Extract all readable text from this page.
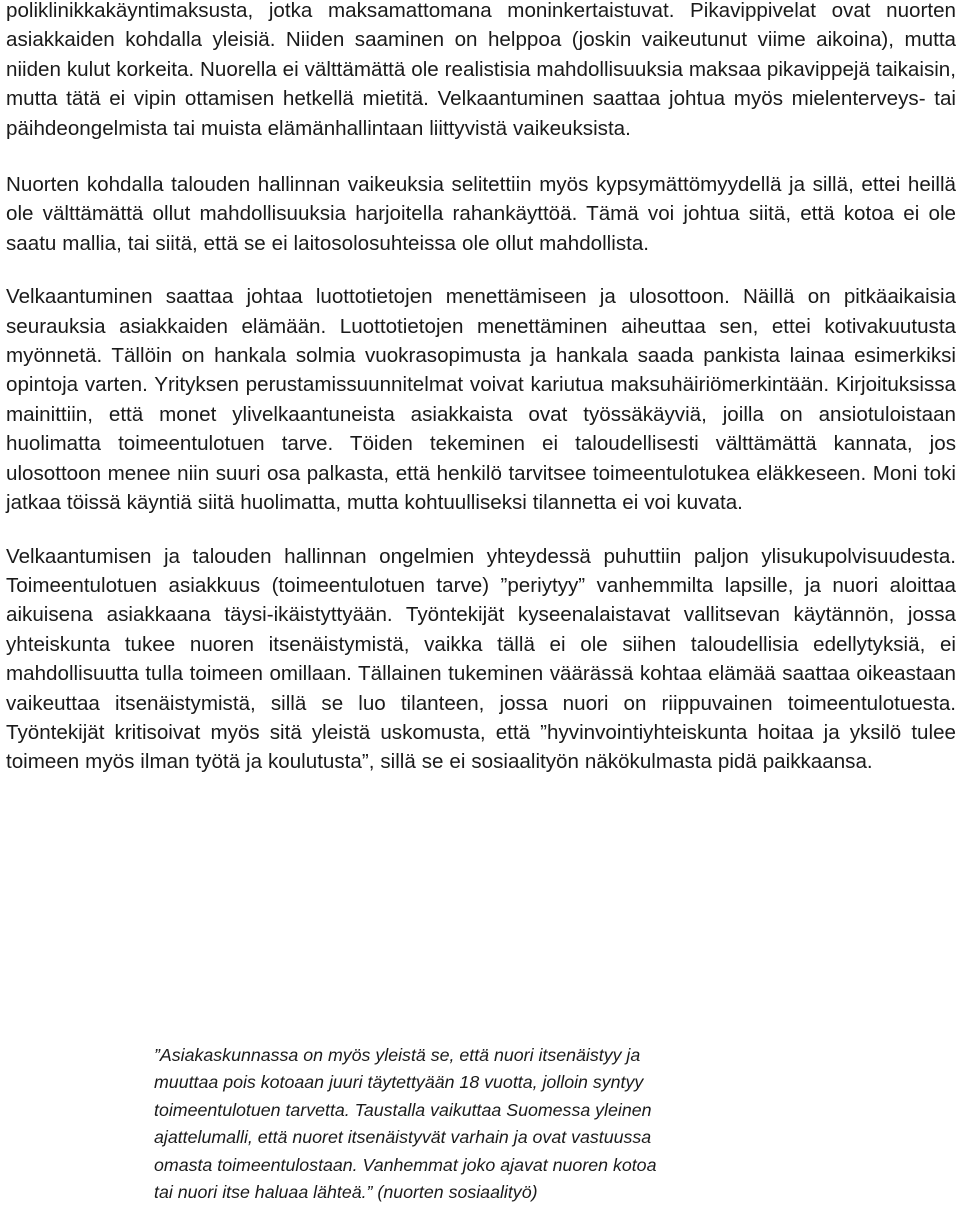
poliklinikkakäyntimaksusta, jotka maksamattomana moninkertaistuvat. Pikavippivelat ovat nuorten asiakkaiden kohdalla yleisiä. Niiden saaminen on helppoa (joskin vaikeutunut viime aikoina), mutta niiden kulut korkeita. Nuorella ei välttämättä ole realistisia mahdollisuuksia maksaa pikavippejä taikaisin, mutta tätä ei vipin ottamisen hetkellä mietitä. Velkaantuminen saattaa johtua myös mielenterveys- tai päihdeongelmista tai muista elämänhallintaan liittyvistä vaikeuksista.

Nuorten kohdalla talouden hallinnan vaikeuksia selitettiin myös kypsymättömyydellä ja sillä, ettei heillä ole välttämättä ollut mahdollisuuksia harjoitella rahankäyttöä. Tämä voi johtua siitä, että kotoa ei ole saatu mallia, tai siitä, että se ei laitosolosuhteissa ole ollut mahdollista.

Velkaantuminen saattaa johtaa luottotietojen menettämiseen ja ulosottoon. Näillä on pitkäaikaisia seurauksia asiakkaiden elämään. Luottotietojen menettäminen aiheuttaa sen, ettei kotivakuutusta myönnetä. Tällöin on hankala solmia vuokrasopimusta ja hankala saada pankista lainaa esimerkiksi opintoja varten. Yrityksen perustamissuunnitelmat voivat kariutua maksuhäiriömerkintään. Kirjoituksissa mainittiin, että monet ylivelkaantuneista asiakkaista ovat työssäkäyviä, joilla on ansiotuloistaan huolimatta toimeentulotuen tarve. Töiden tekeminen ei taloudellisesti välttämättä kannata, jos ulosottoon menee niin suuri osa palkasta, että henkilö tarvitsee toimeentulotukea eläkkeseen. Moni toki jatkaa töissä käyntiä siitä huolimatta, mutta kohtuulliseksi tilannetta ei voi kuvata.

Velkaantumisen ja talouden hallinnan ongelmien yhteydessä puhuttiin paljon ylisukupolvisuudesta. Toimeentulotuen asiakkuus (toimeentulotuen tarve) ”periytyy” vanhemmilta lapsille, ja nuori aloittaa aikuisena asiakkaana täysi-ikäistyttyään. Työntekijät kyseenalaistavat vallitsevan käytännön, jossa yhteiskunta tukee nuoren itsenäistymistä, vaikka tällä ei ole siihen taloudellisia edellytyksiä, ei mahdollisuutta tulla toimeen omillaan. Tällainen tukeminen väärässä kohtaa elämää saattaa oikeastaan vaikeuttaa itsenäistymistä, sillä se luo tilanteen, jossa nuori on riippuvainen toimeentulotuesta. Työntekijät kritisoivat myös sitä yleistä uskomusta, että ”hyvinvointiyhteiskunta hoitaa ja yksilö tulee toimeen myös ilman työtä ja koulutusta”, sillä se ei sosiaalityön näkökulmasta pidä paikkaansa.

”Asiakaskunnassa on myös yleistä se, että nuori itsenäistyy ja
muuttaa pois kotoaan juuri täytettyään 18 vuotta, jolloin syntyy
toimeentulotuen tarvetta. Taustalla vaikuttaa Suomessa yleinen
ajattelumalli, että nuoret itsenäistyvät varhain ja ovat vastuussa
omasta toimeentulostaan. Vanhemmat joko ajavat nuoren kotoa
tai nuori itse haluaa lähteä.” (nuorten sosiaalityö)
